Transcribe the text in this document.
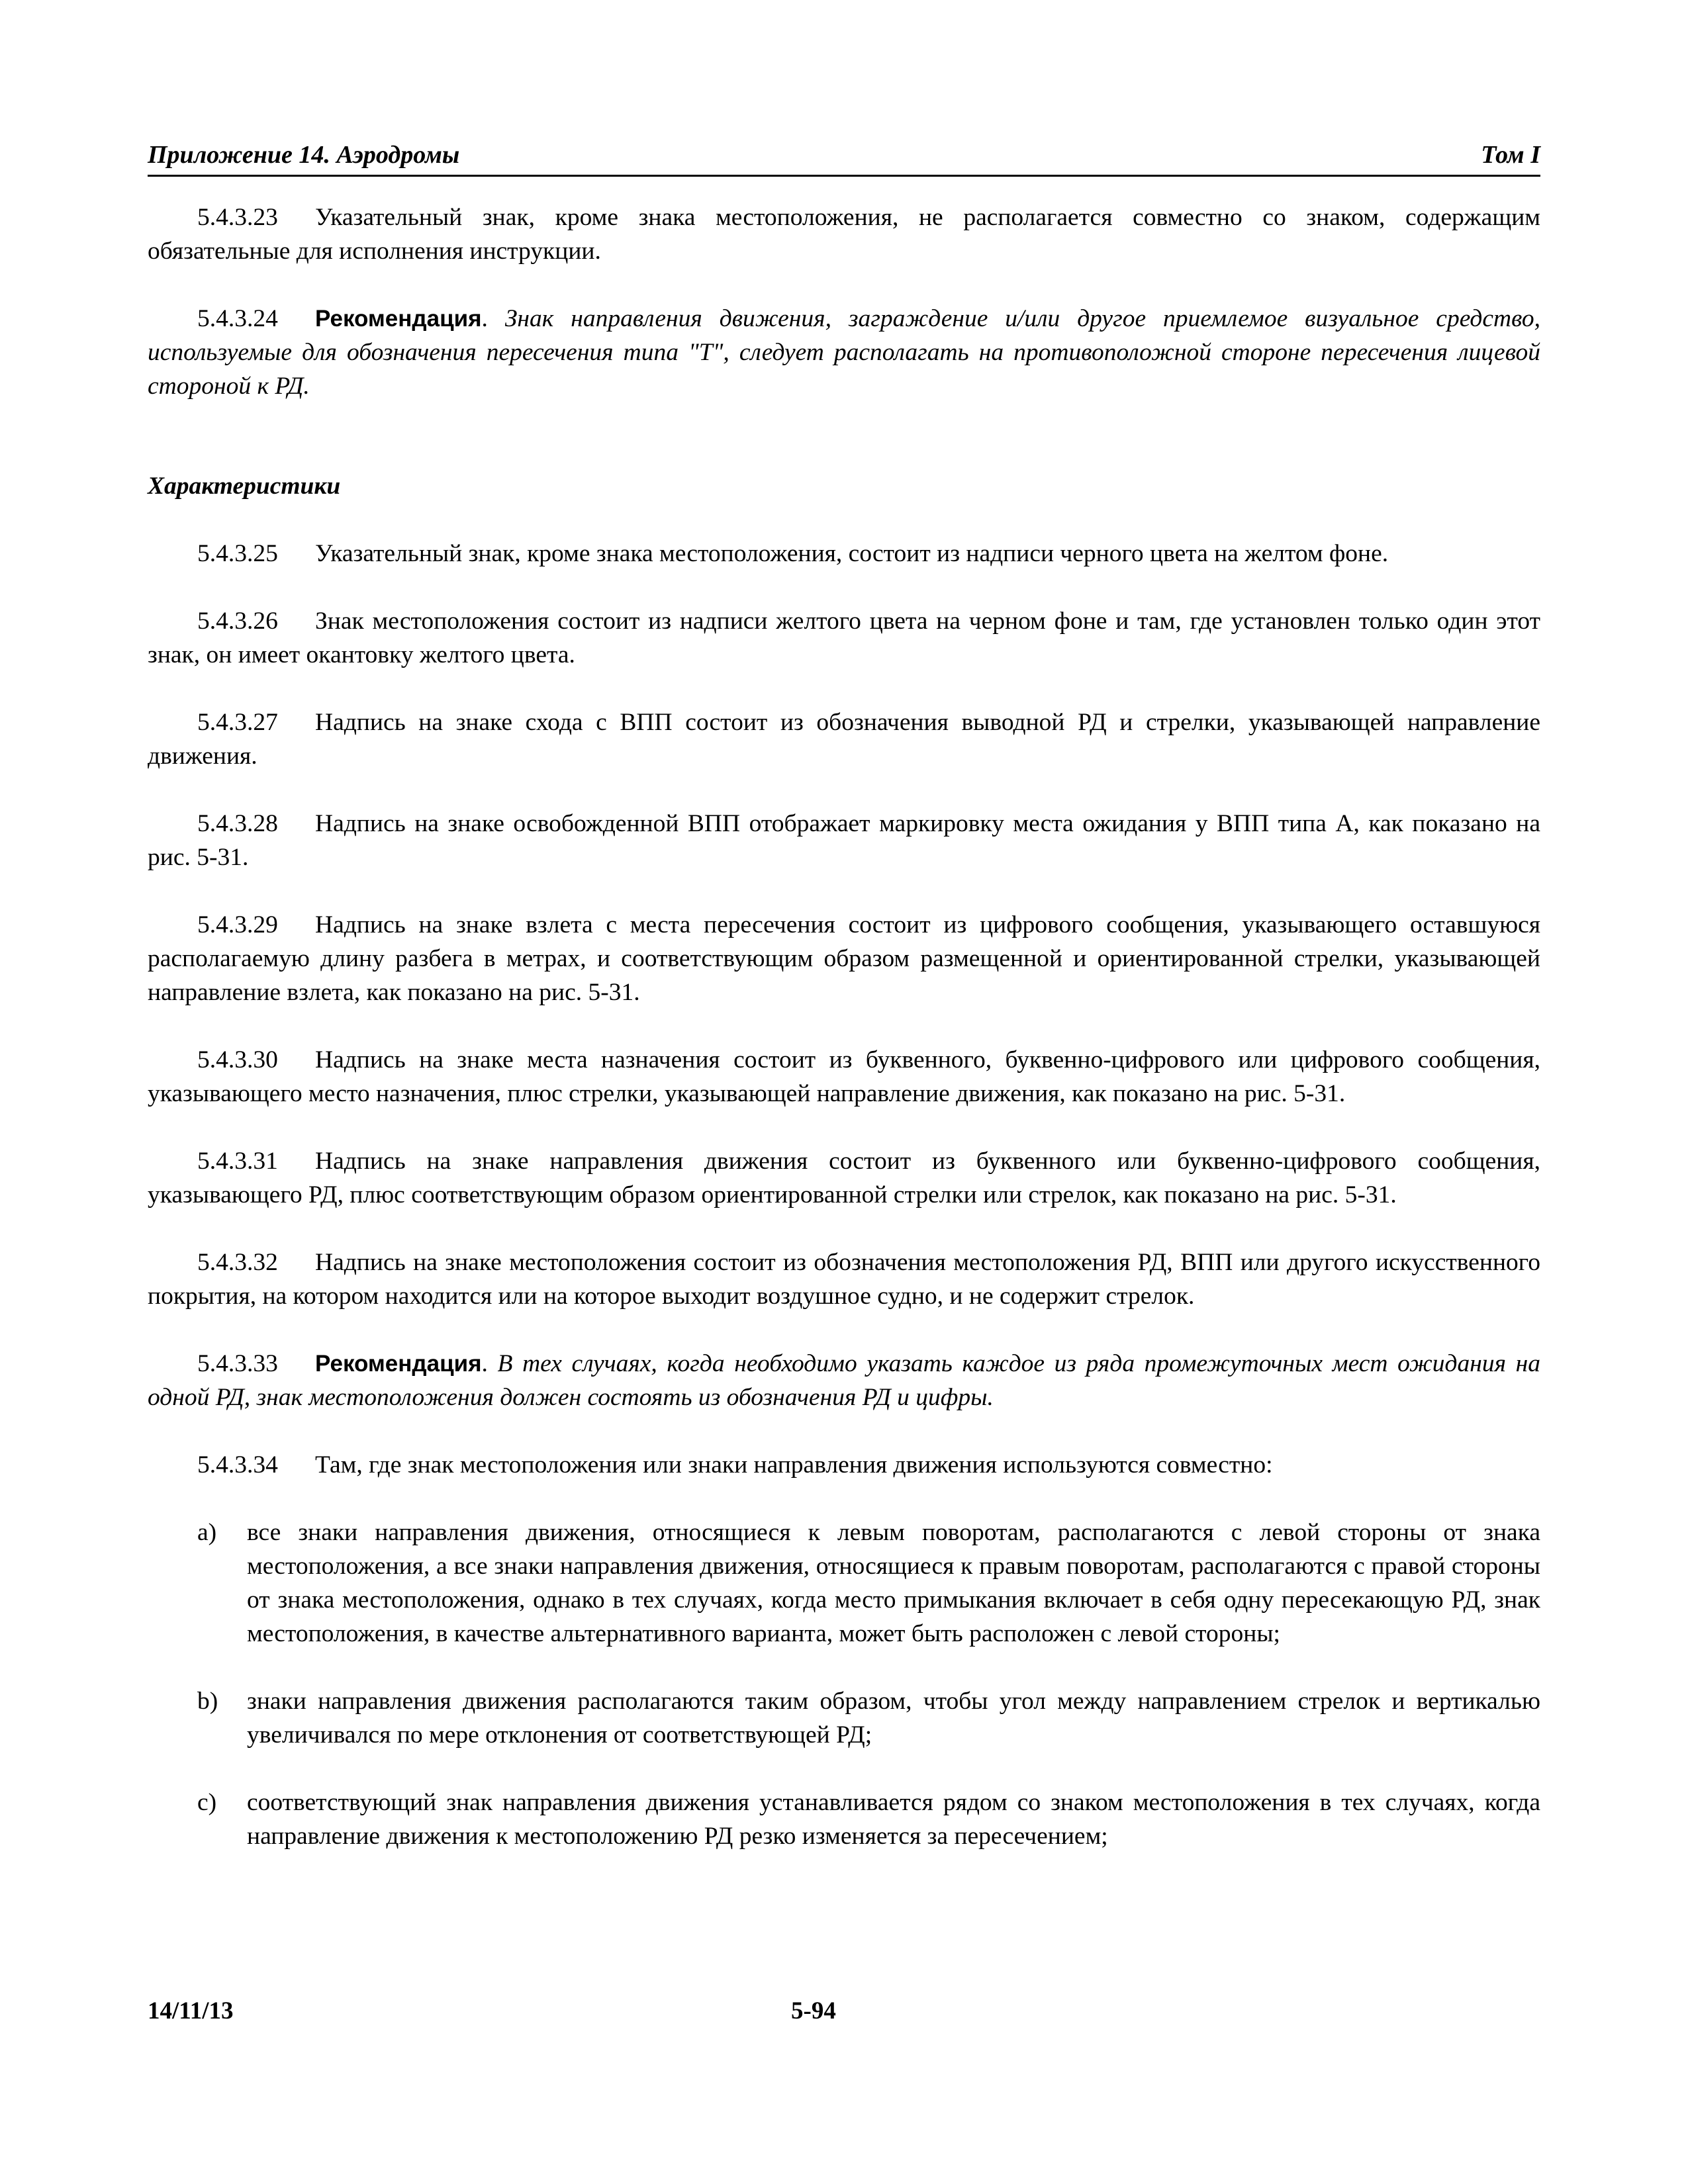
Приложение 14. Аэродромы	Том I

5.4.3.23 Указательный знак, кроме знака местоположения, не располагается совместно со знаком, содержащим обязательные для исполнения инструкции.

5.4.3.24 Рекомендация. Знак направления движения, заграждение и/или другое приемлемое визуальное средство, используемые для обозначения пересечения типа "T", следует располагать на противоположной стороне пересечения лицевой стороной к РД.

Характеристики

5.4.3.25 Указательный знак, кроме знака местоположения, состоит из надписи черного цвета на желтом фоне.

5.4.3.26 Знак местоположения состоит из надписи желтого цвета на черном фоне и там, где установлен только один этот знак, он имеет окантовку желтого цвета.

5.4.3.27 Надпись на знаке схода с ВПП состоит из обозначения выводной РД и стрелки, указывающей направление движения.

5.4.3.28 Надпись на знаке освобожденной ВПП отображает маркировку места ожидания у ВПП типа А, как показано на рис. 5-31.

5.4.3.29 Надпись на знаке взлета с места пересечения состоит из цифрового сообщения, указывающего оставшуюся располагаемую длину разбега в метрах, и соответствующим образом размещенной и ориентированной стрелки, указывающей направление взлета, как показано на рис. 5-31.

5.4.3.30 Надпись на знаке места назначения состоит из буквенного, буквенно-цифрового или цифрового сообщения, указывающего место назначения, плюс стрелки, указывающей направление движения, как показано на рис. 5-31.

5.4.3.31 Надпись на знаке направления движения состоит из буквенного или буквенно-цифрового сообщения, указывающего РД, плюс соответствующим образом ориентированной стрелки или стрелок, как показано на рис. 5-31.

5.4.3.32 Надпись на знаке местоположения состоит из обозначения местоположения РД, ВПП или другого искусственного покрытия, на котором находится или на которое выходит воздушное судно, и не содержит стрелок.

5.4.3.33 Рекомендация. В тех случаях, когда необходимо указать каждое из ряда промежуточных мест ожидания на одной РД, знак местоположения должен состоять из обозначения РД и цифры.

5.4.3.34 Там, где знак местоположения или знаки направления движения используются совместно:

a) все знаки направления движения, относящиеся к левым поворотам, располагаются с левой стороны от знака местоположения, а все знаки направления движения, относящиеся к правым поворотам, располагаются с правой стороны от знака местоположения, однако в тех случаях, когда место примыкания включает в себя одну пересекающую РД, знак местоположения, в качестве альтернативного варианта, может быть расположен с левой стороны;
b) знаки направления движения располагаются таким образом, чтобы угол между направлением стрелок и вертикалью увеличивался по мере отклонения от соответствующей РД;
c) соответствующий знак направления движения устанавливается рядом со знаком местоположения в тех случаях, когда направление движения к местоположению РД резко изменяется за пересечением;
14/11/13	5-94
